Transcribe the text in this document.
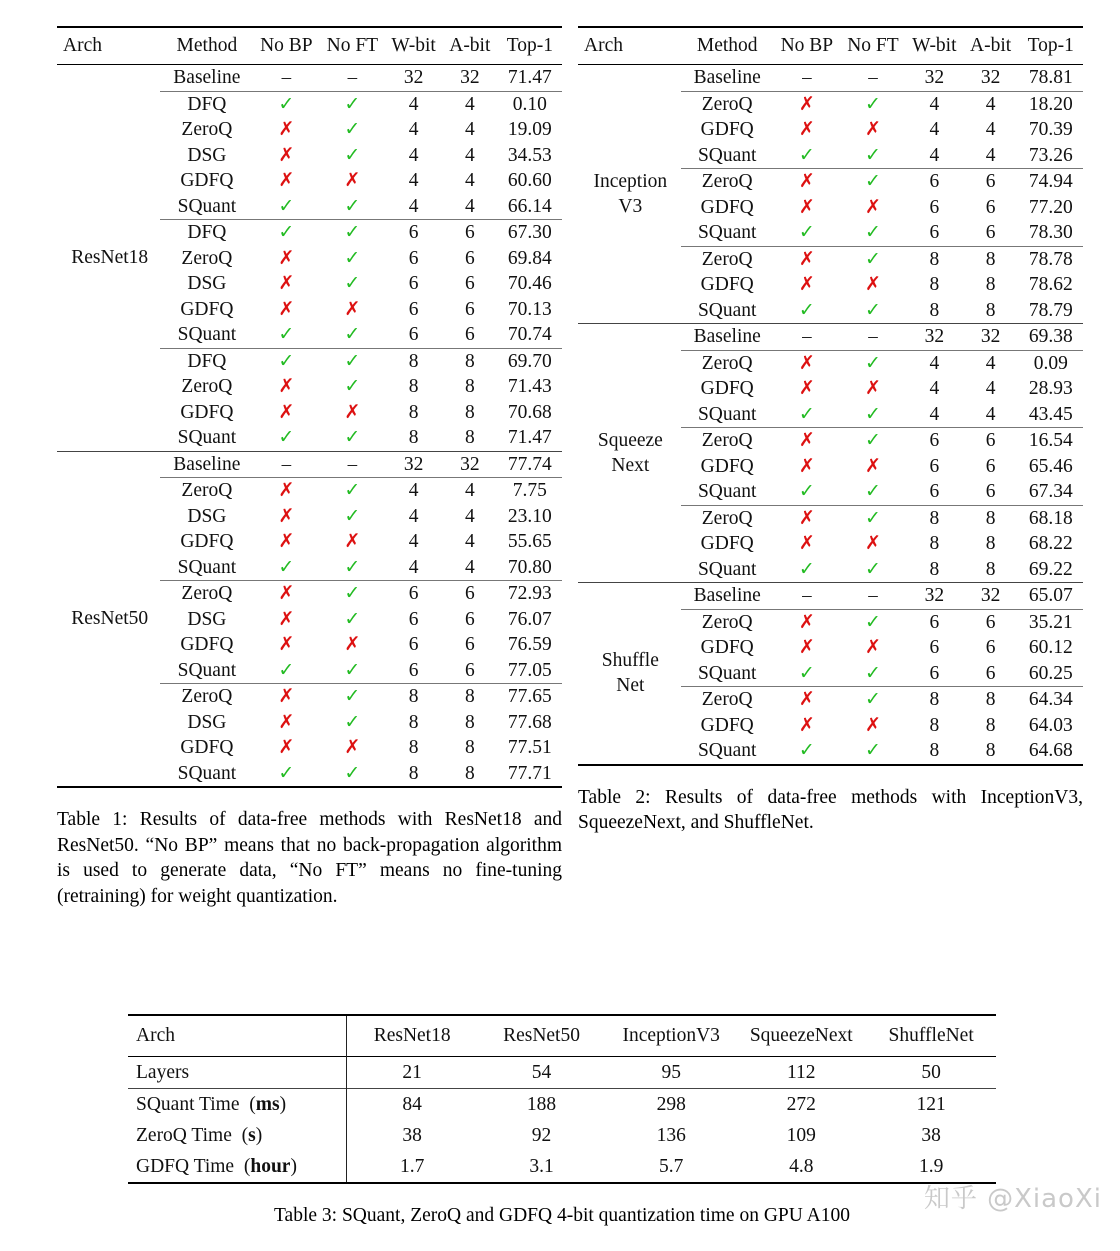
Arch	Method	No BP	No FT	W-bit	A-bit	Top-1
ResNet18	Baseline	–	–	32	32	71.47
	DFQ	✓	✓	4	4	0.10
	ZeroQ	✗	✓	4	4	19.09
	DSG	✗	✓	4	4	34.53
	GDFQ	✗	✗	4	4	60.60
	SQuant	✓	✓	4	4	66.14
	DFQ	✓	✓	6	6	67.30
	ZeroQ	✗	✓	6	6	69.84
	DSG	✗	✓	6	6	70.46
	GDFQ	✗	✗	6	6	70.13
	SQuant	✓	✓	6	6	70.74
	DFQ	✓	✓	8	8	69.70
	ZeroQ	✗	✓	8	8	71.43
	GDFQ	✗	✗	8	8	70.68
	SQuant	✓	✓	8	8	71.47
ResNet50	Baseline	–	–	32	32	77.74
	ZeroQ	✗	✓	4	4	7.75
	DSG	✗	✓	4	4	23.10
	GDFQ	✗	✗	4	4	55.65
	SQuant	✓	✓	4	4	70.80
	ZeroQ	✗	✓	6	6	72.93
	DSG	✗	✓	6	6	76.07
	GDFQ	✗	✗	6	6	76.59
	SQuant	✓	✓	6	6	77.05
	ZeroQ	✗	✓	8	8	77.65
	DSG	✗	✓	8	8	77.68
	GDFQ	✗	✗	8	8	77.51
	SQuant	✓	✓	8	8	77.71
Table 1: Results of data-free methods with ResNet18 and ResNet50. “No BP” means that no back-propagation algorithm is used to generate data, “No FT” means no fine-tuning (retraining) for weight quantization.
Arch	Method	No BP	No FT	W-bit	A-bit	Top-1
Inception
V3	Baseline	–	–	32	32	78.81
	ZeroQ	✗	✓	4	4	18.20
	GDFQ	✗	✗	4	4	70.39
	SQuant	✓	✓	4	4	73.26
	ZeroQ	✗	✓	6	6	74.94
	GDFQ	✗	✗	6	6	77.20
	SQuant	✓	✓	6	6	78.30
	ZeroQ	✗	✓	8	8	78.78
	GDFQ	✗	✗	8	8	78.62
	SQuant	✓	✓	8	8	78.79
Squeeze
Next	Baseline	–	–	32	32	69.38
	ZeroQ	✗	✓	4	4	0.09
	GDFQ	✗	✗	4	4	28.93
	SQuant	✓	✓	4	4	43.45
	ZeroQ	✗	✓	6	6	16.54
	GDFQ	✗	✗	6	6	65.46
	SQuant	✓	✓	6	6	67.34
	ZeroQ	✗	✓	8	8	68.18
	GDFQ	✗	✗	8	8	68.22
	SQuant	✓	✓	8	8	69.22
Shuffle
Net	Baseline	–	–	32	32	65.07
	ZeroQ	✗	✓	6	6	35.21
	GDFQ	✗	✗	6	6	60.12
	SQuant	✓	✓	6	6	60.25
	ZeroQ	✗	✓	8	8	64.34
	GDFQ	✗	✗	8	8	64.03
	SQuant	✓	✓	8	8	64.68
Table 2: Results of data-free methods with InceptionV3, SqueezeNext, and ShuffleNet.
Arch	ResNet18	ResNet50	InceptionV3	SqueezeNext	ShuffleNet
Layers	21	54	95	112	50
SQuant Time  (ms)	84	188	298	272	121
ZeroQ Time  (s)	38	92	136	109	38
GDFQ Time  (hour)	1.7	3.1	5.7	4.8	1.9
Table 3: SQuant, ZeroQ and GDFQ 4-bit quantization time on GPU A100
知乎 @XiaoXi
